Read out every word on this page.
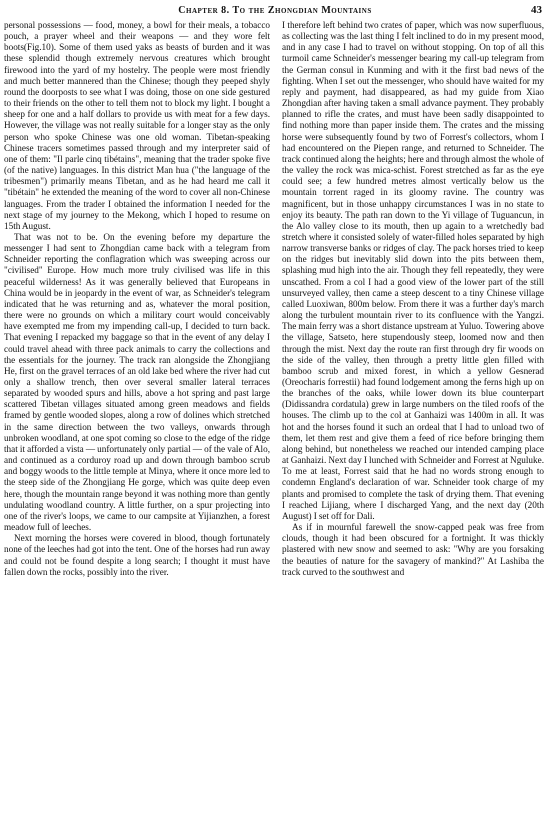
Chapter 8. To the Zhongdian Mountains	43

personal possessions — food, money, a bowl for their meals, a tobacco pouch, a prayer wheel and their weapons — and they wore felt boots(Fig.10). Some of them used yaks as beasts of burden and it was these splendid though extremely nervous creatures which brought firewood into the yard of my hostelry. The people were most friendly and much better mannered than the Chinese; though they peeped shyly round the doorposts to see what I was doing, those on one side gestured to their friends on the other to tell them not to block my light. I bought a sheep for one and a half dollars to provide us with meat for a few days. However, the village was not really suitable for a longer stay as the only person who spoke Chinese was one old woman. Tibetan-speaking Chinese tracers sometimes passed through and my interpreter said of one of them: "Il parle cinq tibétains", meaning that the trader spoke five (of the native) languages. In this district Man hua ("the language of the tribesmen") primarily means Tibetan, and as he had heard me call it "tibétain" he extended the meaning of the word to cover all non-Chinese languages. From the trader I obtained the information I needed for the next stage of my journey to the Mekong, which I hoped to resume on 15th August.

That was not to be. On the evening before my departure the messenger I had sent to Zhongdian came back with a telegram from Schneider reporting the conflagration which was sweeping across our "civilised" Europe. How much more truly civilised was life in this peaceful wilderness! As it was generally believed that Europeans in China would be in jeopardy in the event of war, as Schneider's telegram indicated that he was returning and as, whatever the moral position, there were no grounds on which a military court would conceivably have exempted me from my impending call-up, I decided to turn back. That evening I repacked my baggage so that in the event of any delay I could travel ahead with three pack animals to carry the collections and the essentials for the journey. The track ran alongside the Zhongjiang He, first on the gravel terraces of an old lake bed where the river had cut only a shallow trench, then over several smaller lateral terraces separated by wooded spurs and hills, above a hot spring and past large scattered Tibetan villages situated among green meadows and fields framed by gentle wooded slopes, along a row of dolines which stretched in the same direction between the two valleys, onwards through unbroken woodland, at one spot coming so close to the edge of the ridge that it afforded a vista — unfortunately only partial — of the vale of Alo, and continued as a corduroy road up and down through bamboo scrub and boggy woods to the little temple at Minya, where it once more led to the steep side of the Zhongjiang He gorge, which was quite deep even here, though the mountain range beyond it was nothing more than gently undulating woodland country. A little further, on a spur projecting into one of the river's loops, we came to our campsite at Yijianzhen, a forest meadow full of leeches.

Next morning the horses were covered in blood, though fortunately none of the leeches had got into the tent. One of the horses had run away and could not be found despite a long search; I thought it must have fallen down the rocks, possibly into the river.

I therefore left behind two crates of paper, which was now superfluous, as collecting was the last thing I felt inclined to do in my present mood, and in any case I had to travel on without stopping. On top of all this turmoil came Schneider's messenger bearing my call-up telegram from the German consul in Kunming and with it the first bad news of the fighting. When I set out the messenger, who should have waited for my reply and payment, had disappeared, as had my guide from Xiao Zhongdian after having taken a small advance payment. They probably planned to rifle the crates, and must have been sadly disappointed to find nothing more than paper inside them. The crates and the missing horse were subsequently found by two of Forrest's collectors, whom I had encountered on the Piepen range, and returned to Schneider. The track continued along the heights; here and through almost the whole of the valley the rock was mica-schist. Forest stretched as far as the eye could see; a few hundred metres almost vertically below us the mountain torrent raged in its gloomy ravine. The country was magnificent, but in those unhappy circumstances I was in no state to enjoy its beauty. The path ran down to the Yi village of Tuguancun, in the Alo valley close to its mouth, then up again to a wretchedly bad stretch where it consisted solely of water-filled holes separated by high narrow transverse banks or ridges of clay. The pack horses tried to keep on the ridges but inevitably slid down into the pits between them, splashing mud high into the air. Though they fell repeatedly, they were unscathed. From a col I had a good view of the lower part of the still unsurveyed valley, then came a steep descent to a tiny Chinese village called Luoxiwan, 800m below. From there it was a further day's march along the turbulent mountain river to its confluence with the Yangzi. The main ferry was a short distance upstream at Yuluo. Towering above the village, Satseto, here stupendously steep, loomed now and then through the mist. Next day the route ran first through dry fir woods on the side of the valley, then through a pretty little glen filled with bamboo scrub and mixed forest, in which a yellow Gesnerad (Oreocharis forrestii) had found lodgement among the ferns high up on the branches of the oaks, while lower down its blue counterpart (Didissandra cordatula) grew in large numbers on the tiled roofs of the houses. The climb up to the col at Ganhaizi was 1400m in all. It was hot and the horses found it such an ordeal that I had to unload two of them, let them rest and give them a feed of rice before bringing them along behind, but nonetheless we reached our intended camping place at Ganhaizi. Next day I lunched with Schneider and Forrest at Nguluke. To me at least, Forrest said that he had no words strong enough to condemn England's declaration of war. Schneider took charge of my plants and promised to complete the task of drying them. That evening I reached Lijiang, where I discharged Yang, and the next day (20th August) I set off for Dali.

As if in mournful farewell the snow-capped peak was free from clouds, though it had been obscured for a fortnight. It was thickly plastered with new snow and seemed to ask: "Why are you forsaking the beauties of nature for the savagery of mankind?" At Lashiba the track curved to the southwest and
